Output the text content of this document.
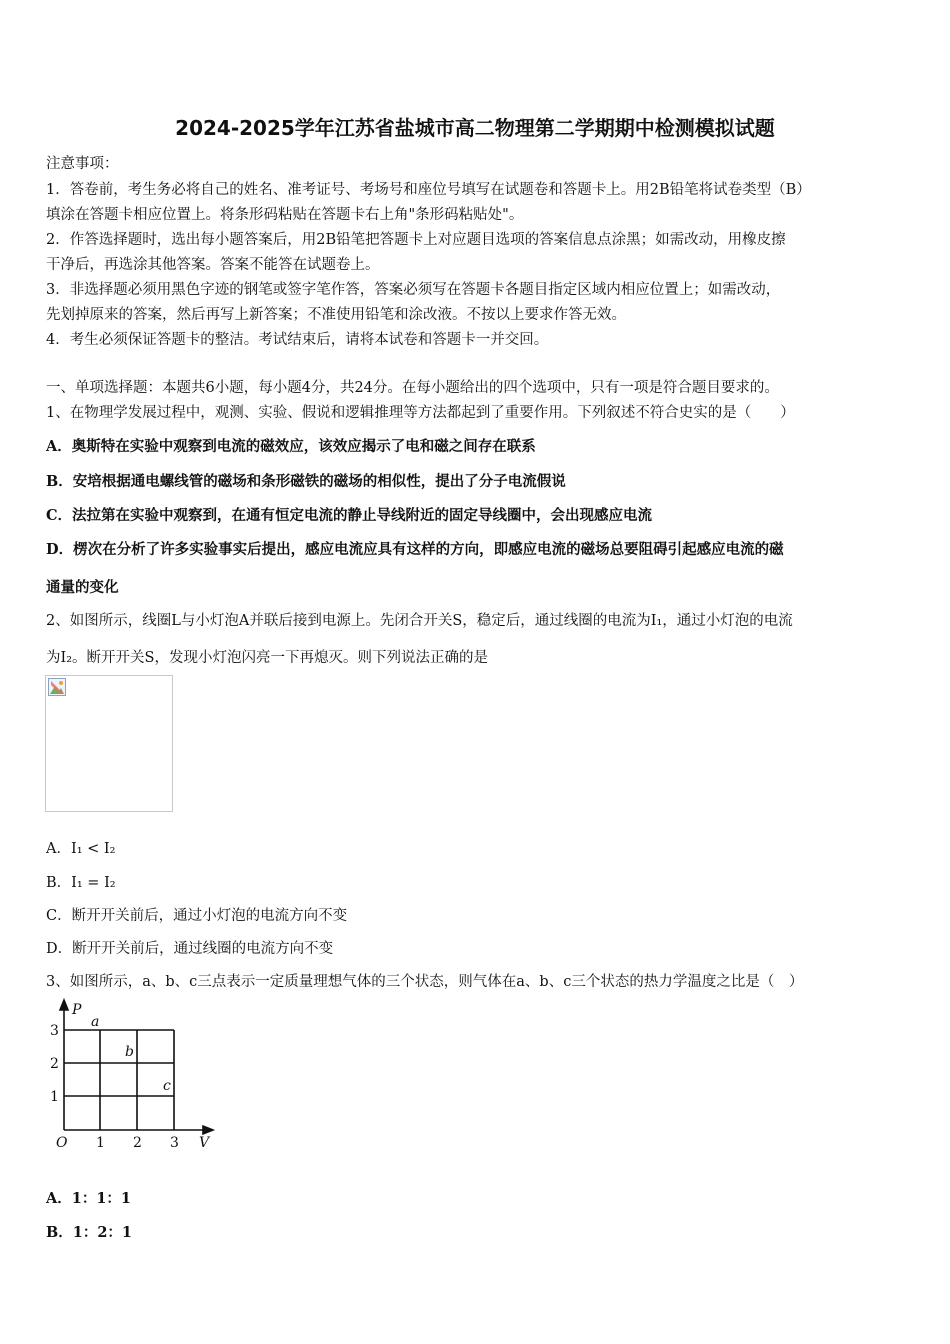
2024-2025学年江苏省盐城市高二物理第二学期期中检测模拟试题
注意事项：
1．答卷前，考生务必将自己的姓名、准考证号、考场号和座位号填写在试题卷和答题卡上。用2B铅笔将试卷类型（B）
填涂在答题卡相应位置上。将条形码粘贴在答题卡右上角"条形码粘贴处"。
2．作答选择题时，选出每小题答案后，用2B铅笔把答题卡上对应题目选项的答案信息点涂黑；如需改动，用橡皮擦
干净后，再选涂其他答案。答案不能答在试题卷上。
3．非选择题必须用黑色字迹的钢笔或签字笔作答，答案必须写在答题卡各题目指定区域内相应位置上；如需改动，
先划掉原来的答案，然后再写上新答案；不准使用铅笔和涂改液。不按以上要求作答无效。
4．考生必须保证答题卡的整洁。考试结束后，请将本试卷和答题卡一并交回。
一、单项选择题：本题共6小题，每小题4分，共24分。在每小题给出的四个选项中，只有一项是符合题目要求的。
1、在物理学发展过程中，观测、实验、假说和逻辑推理等方法都起到了重要作用。下列叙述不符合史实的是（　　）
A．奥斯特在实验中观察到电流的磁效应，该效应揭示了电和磁之间存在联系
B．安培根据通电螺线管的磁场和条形磁铁的磁场的相似性，提出了分子电流假说
C．法拉第在实验中观察到，在通有恒定电流的静止导线附近的固定导线圈中，会出现感应电流
D．楞次在分析了许多实验事实后提出，感应电流应具有这样的方向，即感应电流的磁场总要阻碍引起感应电流的磁
通量的变化
2、如图所示，线圈L与小灯泡A并联后接到电源上。先闭合开关S，稳定后，通过线圈的电流为I₁，通过小灯泡的电流
为I₂。断开开关S，发现小灯泡闪亮一下再熄灭。则下列说法正确的是
A．I₁ < I₂
B．I₁ = I₂
C．断开开关前后，通过小灯泡的电流方向不变
D．断开开关前后，通过线圈的电流方向不变
3、如图所示，a、b、c三点表示一定质量理想气体的三个状态，则气体在a、b、c三个状态的热力学温度之比是（　）
P
V
O
3
2
1
1 2 3
a
b
c
A．1：1：1
B．1：2：1
